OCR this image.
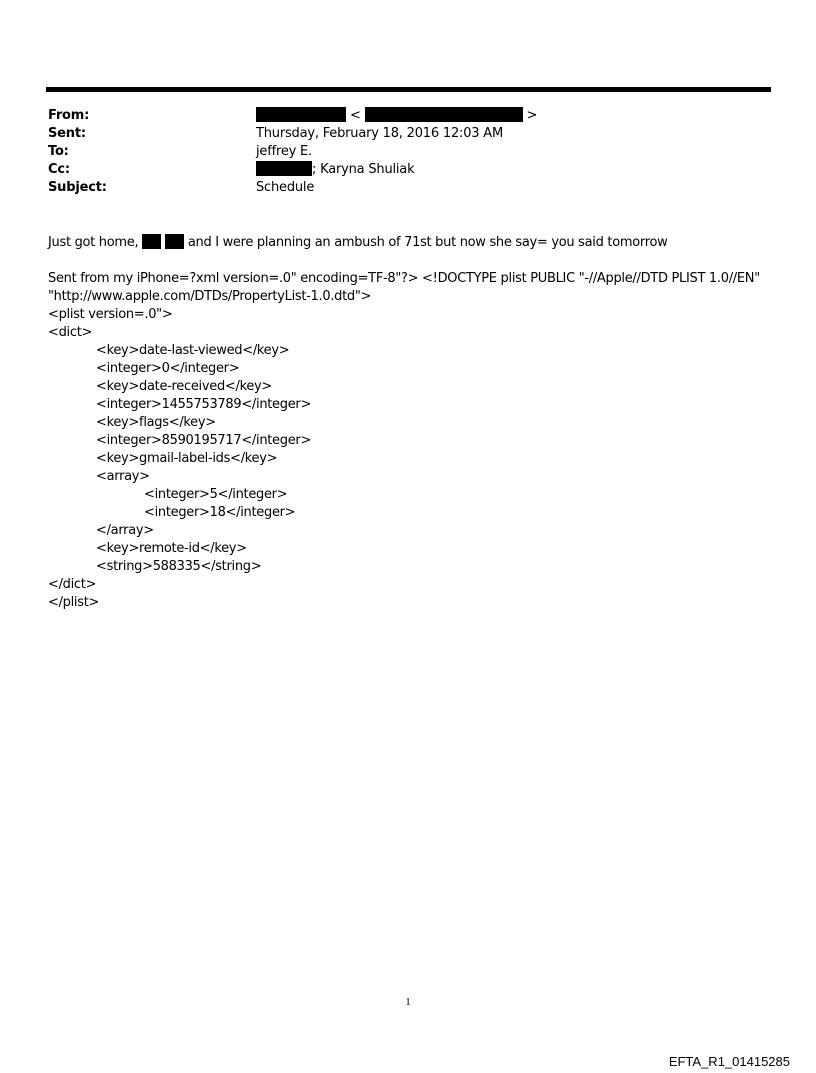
From:	<	>
Sent:	Thursday, February 18, 2016 12:03 AM
To:	jeffrey E.
Cc:	; Karyna Shuliak
Subject:	Schedule
Just got home,	and I were planning an ambush of 71st but now she say= you said tomorrow
Sent from my iPhone=?xml version=.0" encoding=TF-8"?> <!DOCTYPE plist PUBLIC "-//Apple//DTD PLIST 1.0//EN"
"http://www.apple.com/DTDs/PropertyList-1.0.dtd">
<plist version=.0">
<dict>
<key>date-last-viewed</key>
<integer>0</integer>
<key>date-received</key>
<integer>1455753789</integer>
<key>flags</key>
<integer>8590195717</integer>
<key>gmail-label-ids</key>
<array>
<integer>5</integer>
<integer>18</integer>
</array>
<key>remote-id</key>
<string>588335</string>
</dict>
</plist>
1
EFTA_R1_01415285
